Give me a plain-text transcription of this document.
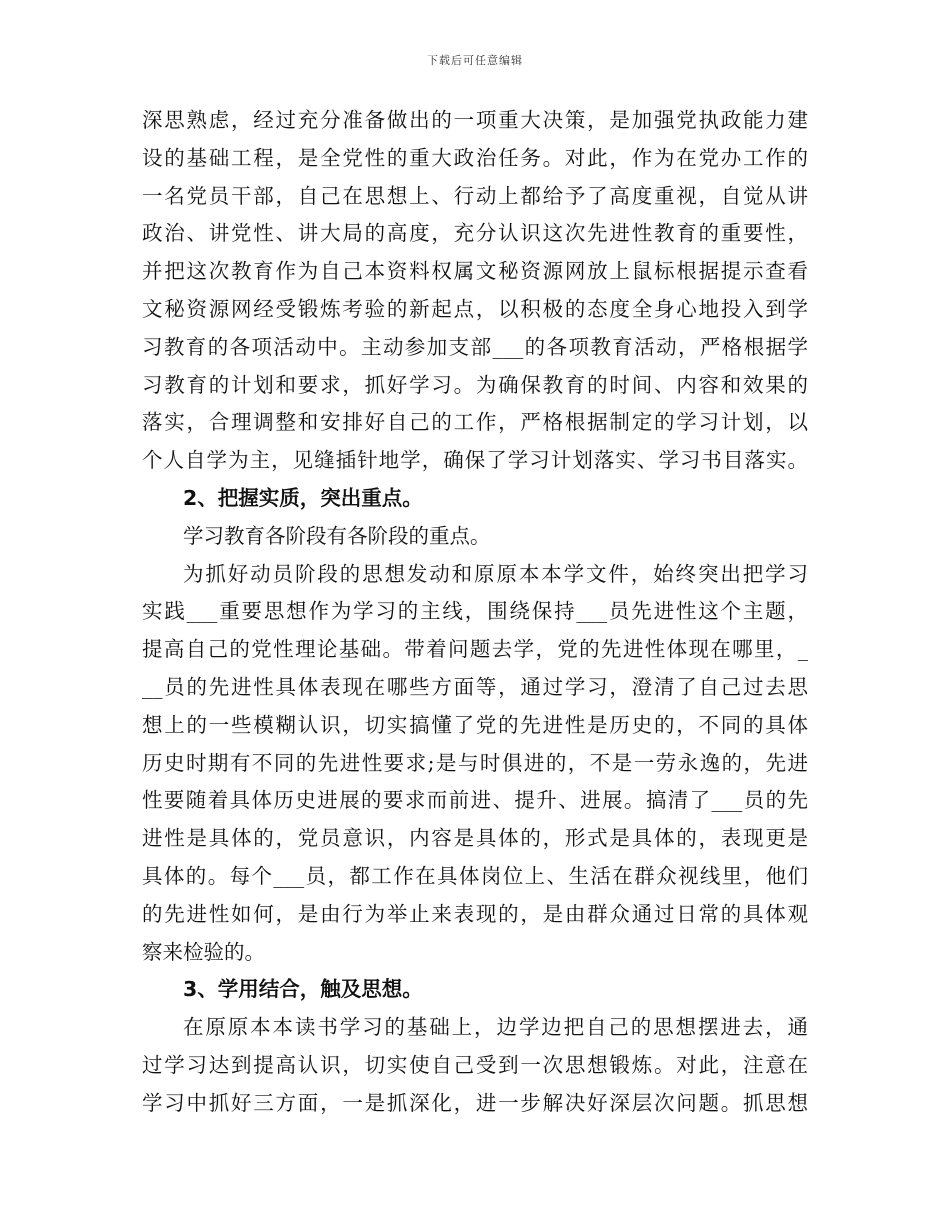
下载后可任意编辑
深思熟虑，经过充分准备做出的一项重大决策，是加强党执政能力建
设的基础工程，是全党性的重大政治任务。对此，作为在党办工作的
一名党员干部，自己在思想上、行动上都给予了高度重视，自觉从讲
政治、讲党性、讲大局的高度，充分认识这次先进性教育的重要性，
并把这次教育作为自己本资料权属文秘资源网放上鼠标根据提示查看
文秘资源网经受锻炼考验的新起点，以积极的态度全身心地投入到学
习教育的各项活动中。主动参加支部___的各项教育活动，严格根据学
习教育的计划和要求，抓好学习。为确保教育的时间、内容和效果的
落实，合理调整和安排好自己的工作，严格根据制定的学习计划，以
个人自学为主，见缝插针地学，确保了学习计划落实、学习书目落实。
2、把握实质，突出重点。
学习教育各阶段有各阶段的重点。
为抓好动员阶段的思想发动和原原本本学文件，始终突出把学习
实践___重要思想作为学习的主线，围绕保持___员先进性这个主题，
提高自己的党性理论基础。带着问题去学，党的先进性体现在哪里，_
__员的先进性具体表现在哪些方面等，通过学习，澄清了自己过去思
想上的一些模糊认识，切实搞懂了党的先进性是历史的，不同的具体
历史时期有不同的先进性要求;是与时俱进的，不是一劳永逸的，先进
性要随着具体历史进展的要求而前进、提升、进展。搞清了___员的先
进性是具体的，党员意识，内容是具体的，形式是具体的，表现更是
具体的。每个___员，都工作在具体岗位上、生活在群众视线里，他们
的先进性如何，是由行为举止来表现的，是由群众通过日常的具体观
察来检验的。
3、学用结合，触及思想。
在原原本本读书学习的基础上，边学边把自己的思想摆进去，通
过学习达到提高认识，切实使自己受到一次思想锻炼。对此，注意在
学习中抓好三方面，一是抓深化，进一步解决好深层次问题。抓思想
